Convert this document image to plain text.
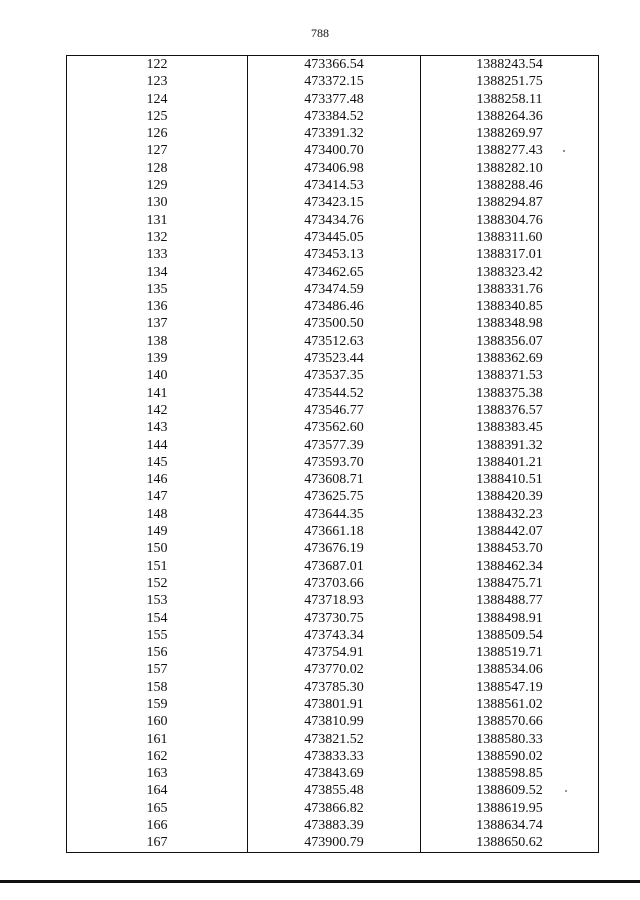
788
122	473366.54	1388243.54
123	473372.15	1388251.75
124	473377.48	1388258.11
125	473384.52	1388264.36
126	473391.32	1388269.97
127	473400.70	1388277.43
128	473406.98	1388282.10
129	473414.53	1388288.46
130	473423.15	1388294.87
131	473434.76	1388304.76
132	473445.05	1388311.60
133	473453.13	1388317.01
134	473462.65	1388323.42
135	473474.59	1388331.76
136	473486.46	1388340.85
137	473500.50	1388348.98
138	473512.63	1388356.07
139	473523.44	1388362.69
140	473537.35	1388371.53
141	473544.52	1388375.38
142	473546.77	1388376.57
143	473562.60	1388383.45
144	473577.39	1388391.32
145	473593.70	1388401.21
146	473608.71	1388410.51
147	473625.75	1388420.39
148	473644.35	1388432.23
149	473661.18	1388442.07
150	473676.19	1388453.70
151	473687.01	1388462.34
152	473703.66	1388475.71
153	473718.93	1388488.77
154	473730.75	1388498.91
155	473743.34	1388509.54
156	473754.91	1388519.71
157	473770.02	1388534.06
158	473785.30	1388547.19
159	473801.91	1388561.02
160	473810.99	1388570.66
161	473821.52	1388580.33
162	473833.33	1388590.02
163	473843.69	1388598.85
164	473855.48	1388609.52
165	473866.82	1388619.95
166	473883.39	1388634.74
167	473900.79	1388650.62
